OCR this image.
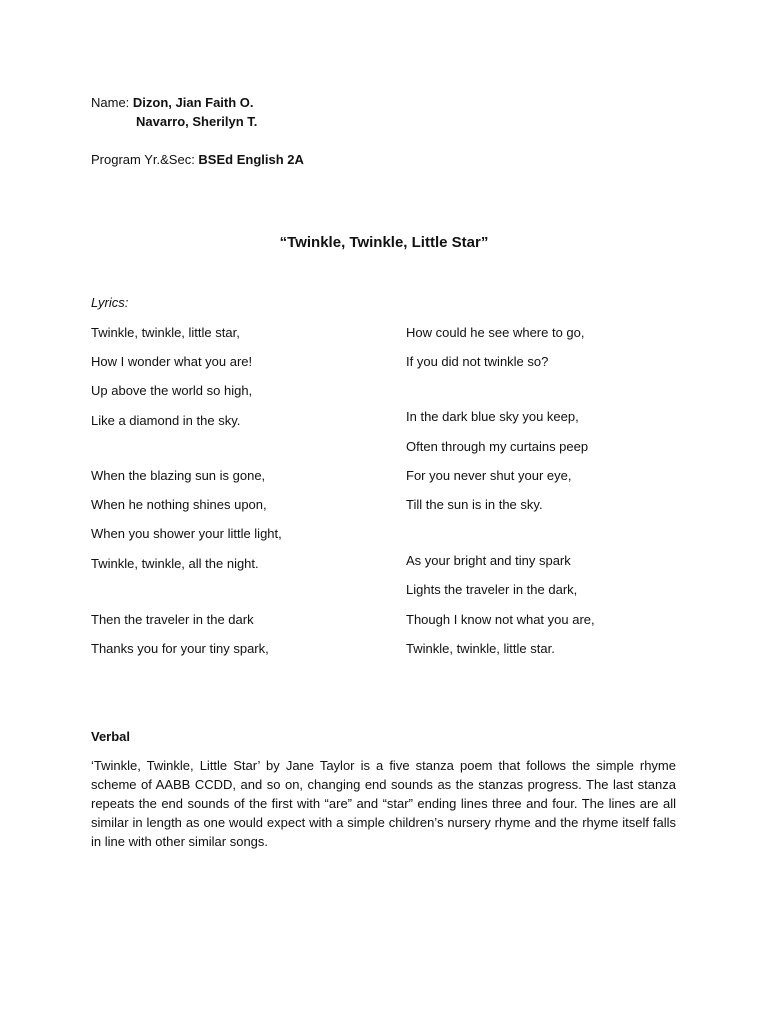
Name: Dizon, Jian Faith O.
Navarro, Sherilyn T.
Program Yr.&Sec: BSEd English 2A
“Twinkle, Twinkle, Little Star”
Lyrics:
Twinkle, twinkle, little star,
How I wonder what you are!
Up above the world so high,
Like a diamond in the sky.
When the blazing sun is gone,
When he nothing shines upon,
When you shower your little light,
Twinkle, twinkle, all the night.
Then the traveler in the dark
Thanks you for your tiny spark,
How could he see where to go,
If you did not twinkle so?
In the dark blue sky you keep,
Often through my curtains peep
For you never shut your eye,
Till the sun is in the sky.
As your bright and tiny spark
Lights the traveler in the dark,
Though I know not what you are,
Twinkle, twinkle, little star.
Verbal
‘Twinkle, Twinkle, Little Star’ by Jane Taylor is a five stanza poem that follows the simple rhyme scheme of AABB CCDD, and so on, changing end sounds as the stanzas progress. The last stanza repeats the end sounds of the first with “are” and “star” ending lines three and four. The lines are all similar in length as one would expect with a simple children’s nursery rhyme and the rhyme itself falls in line with other similar songs.
